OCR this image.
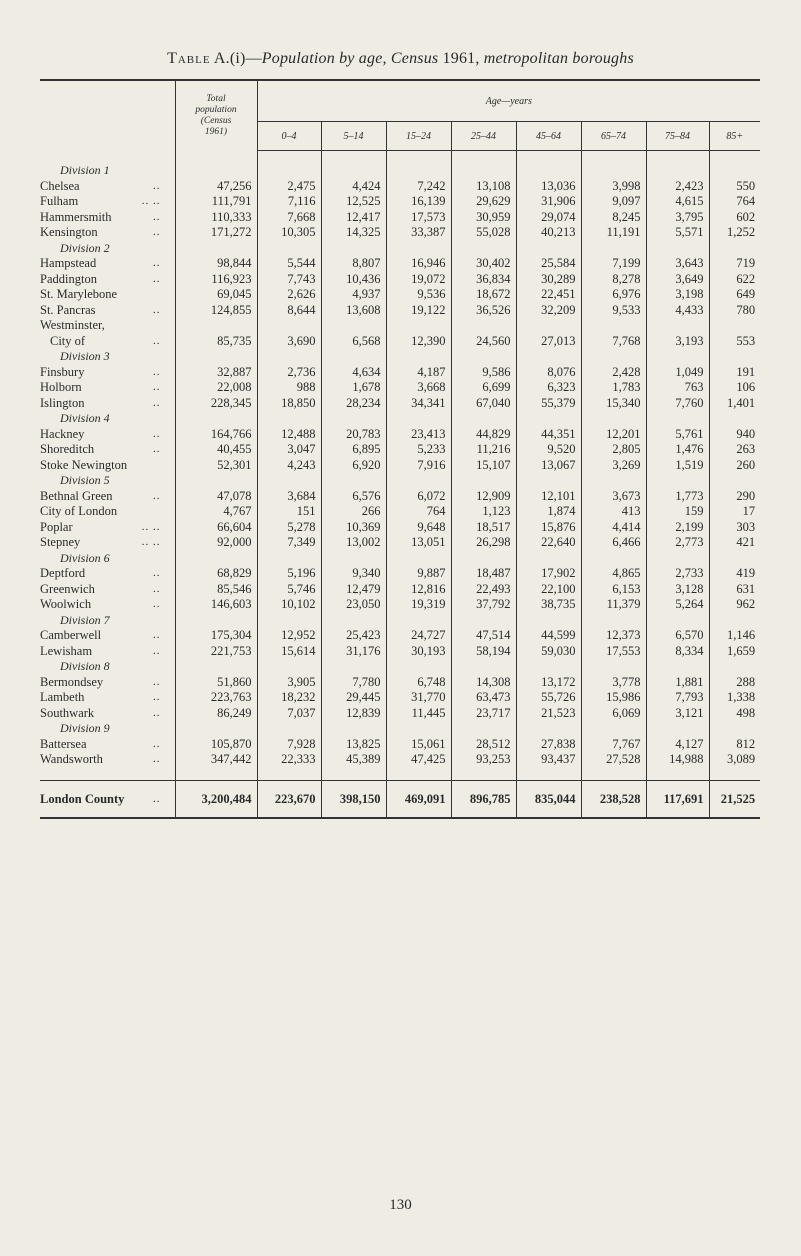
Table A.(i)—Population by age, Census 1961, metropolitan boroughs
	Total
population
(Census
1961)	Age—years							
		0–4	5–14	15–24	25–44	45–64	65–74	75–84	85+
Division 1									
Chelsea ..	47,256	2,475	4,424	7,242	13,108	13,036	3,998	2,423	550
Fulham .. ..	111,791	7,116	12,525	16,139	29,629	31,906	9,097	4,615	764
Hammersmith ..	110,333	7,668	12,417	17,573	30,959	29,074	8,245	3,795	602
Kensington ..	171,272	10,305	14,325	33,387	55,028	40,213	11,191	5,571	1,252
Division 2									
Hampstead ..	98,844	5,544	8,807	16,946	30,402	25,584	7,199	3,643	719
Paddington ..	116,923	7,743	10,436	19,072	36,834	30,289	8,278	3,649	622
St. Marylebone	69,045	2,626	4,937	9,536	18,672	22,451	6,976	3,198	649
St. Pancras ..	124,855	8,644	13,608	19,122	36,526	32,209	9,533	4,433	780
Westminster,									
City of ..	85,735	3,690	6,568	12,390	24,560	27,013	7,768	3,193	553
Division 3									
Finsbury ..	32,887	2,736	4,634	4,187	9,586	8,076	2,428	1,049	191
Holborn ..	22,008	988	1,678	3,668	6,699	6,323	1,783	763	106
Islington ..	228,345	18,850	28,234	34,341	67,040	55,379	15,340	7,760	1,401
Division 4									
Hackney ..	164,766	12,488	20,783	23,413	44,829	44,351	12,201	5,761	940
Shoreditch ..	40,455	3,047	6,895	5,233	11,216	9,520	2,805	1,476	263
Stoke Newington	52,301	4,243	6,920	7,916	15,107	13,067	3,269	1,519	260
Division 5									
Bethnal Green ..	47,078	3,684	6,576	6,072	12,909	12,101	3,673	1,773	290
City of London	4,767	151	266	764	1,123	1,874	413	159	17
Poplar .. ..	66,604	5,278	10,369	9,648	18,517	15,876	4,414	2,199	303
Stepney .. ..	92,000	7,349	13,002	13,051	26,298	22,640	6,466	2,773	421
Division 6									
Deptford ..	68,829	5,196	9,340	9,887	18,487	17,902	4,865	2,733	419
Greenwich ..	85,546	5,746	12,479	12,816	22,493	22,100	6,153	3,128	631
Woolwich ..	146,603	10,102	23,050	19,319	37,792	38,735	11,379	5,264	962
Division 7									
Camberwell ..	175,304	12,952	25,423	24,727	47,514	44,599	12,373	6,570	1,146
Lewisham ..	221,753	15,614	31,176	30,193	58,194	59,030	17,553	8,334	1,659
Division 8									
Bermondsey ..	51,860	3,905	7,780	6,748	14,308	13,172	3,778	1,881	288
Lambeth ..	223,763	18,232	29,445	31,770	63,473	55,726	15,986	7,793	1,338
Southwark ..	86,249	7,037	12,839	11,445	23,717	21,523	6,069	3,121	498
Division 9									
Battersea ..	105,870	7,928	13,825	15,061	28,512	27,838	7,767	4,127	812
Wandsworth ..	347,442	22,333	45,389	47,425	93,253	93,437	27,528	14,988	3,089

London County ..	3,200,484	223,670	398,150	469,091	896,785	835,044	238,528	117,691	21,525
130
